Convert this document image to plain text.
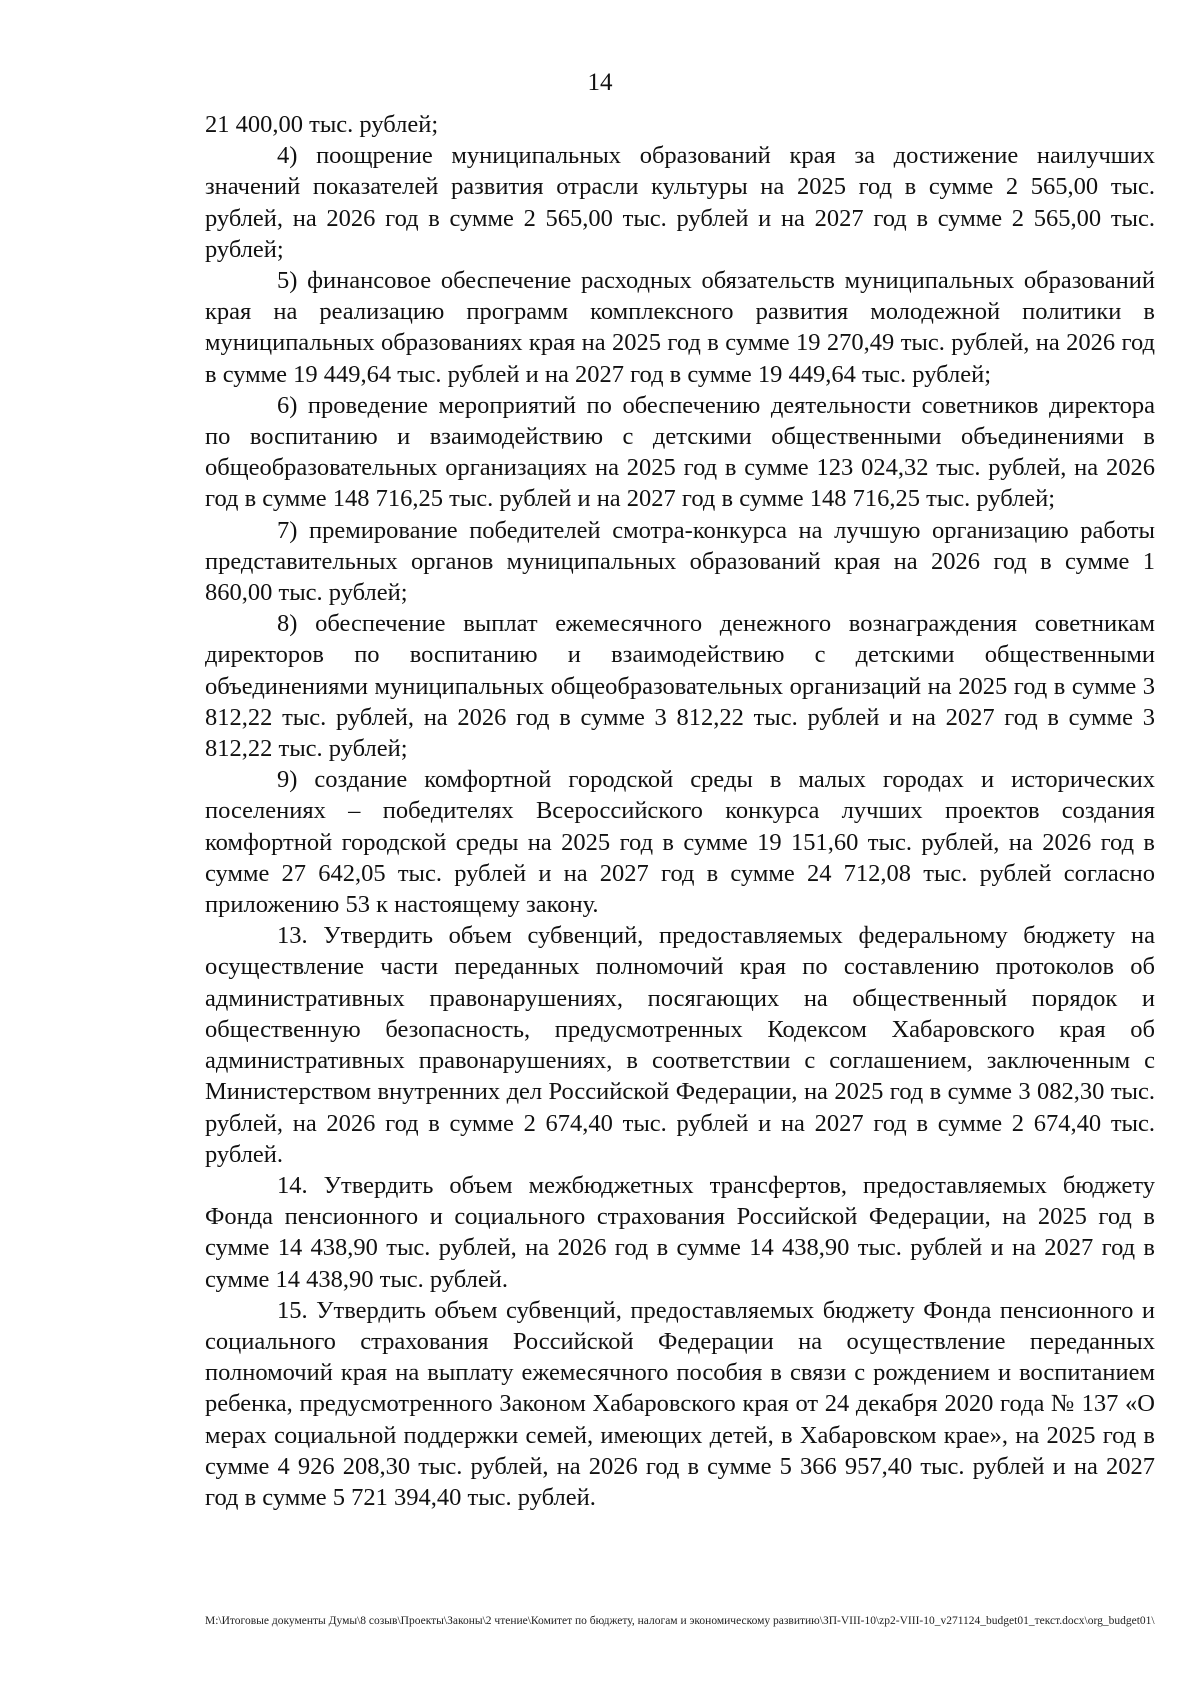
14

21 400,00 тыс. рублей;

4) поощрение муниципальных образований края за достижение наилучших значений показателей развития отрасли культуры на 2025 год в сумме 2 565,00 тыс. рублей, на 2026 год в сумме 2 565,00 тыс. рублей и на 2027 год в сумме 2 565,00 тыс. рублей;

5) финансовое обеспечение расходных обязательств муниципальных образований края на реализацию программ комплексного развития молодежной политики в муниципальных образованиях края на 2025 год в сумме 19 270,49 тыс. рублей, на 2026 год в сумме 19 449,64 тыс. рублей и на 2027 год в сумме 19 449,64 тыс. рублей;

6) проведение мероприятий по обеспечению деятельности советников директора по воспитанию и взаимодействию с детскими общественными объединениями в общеобразовательных организациях на 2025 год в сумме 123 024,32 тыс. рублей, на 2026 год в сумме 148 716,25 тыс. рублей и на 2027 год в сумме 148 716,25 тыс. рублей;

7) премирование победителей смотра-конкурса на лучшую организацию работы представительных органов муниципальных образований края на 2026 год в сумме 1 860,00 тыс. рублей;

8) обеспечение выплат ежемесячного денежного вознаграждения советникам директоров по воспитанию и взаимодействию с детскими общественными объединениями муниципальных общеобразовательных организаций на 2025 год в сумме 3 812,22 тыс. рублей, на 2026 год в сумме 3 812,22 тыс. рублей и на 2027 год в сумме 3 812,22 тыс. рублей;

9) создание комфортной городской среды в малых городах и исторических поселениях – победителях Всероссийского конкурса лучших проектов создания комфортной городской среды на 2025 год в сумме 19 151,60 тыс. рублей, на 2026 год в сумме 27 642,05 тыс. рублей и на 2027 год в сумме 24 712,08 тыс. рублей согласно приложению 53 к настоящему закону.

13. Утвердить объем субвенций, предоставляемых федеральному бюджету на осуществление части переданных полномочий края по составлению протоколов об административных правонарушениях, посягающих на общественный порядок и общественную безопасность, предусмотренных Кодексом Хабаровского края об административных правонарушениях, в соответствии с соглашением, заключенным с Министерством внутренних дел Российской Федерации, на 2025 год в сумме 3 082,30 тыс. рублей, на 2026 год в сумме 2 674,40 тыс. рублей и на 2027 год в сумме 2 674,40 тыс. рублей.

14. Утвердить объем межбюджетных трансфертов, предоставляемых бюджету Фонда пенсионного и социального страхования Российской Федерации, на 2025 год в сумме 14 438,90 тыс. рублей, на 2026 год в сумме 14 438,90 тыс. рублей и на 2027 год в сумме 14 438,90 тыс. рублей.

15. Утвердить объем субвенций, предоставляемых бюджету Фонда пенсионного и социального страхования Российской Федерации на осуществление переданных полномочий края на выплату ежемесячного пособия в связи с рождением и воспитанием ребенка, предусмотренного Законом Хабаровского края от 24 декабря 2020 года № 137 «О мерах социальной поддержки семей, имеющих детей, в Хабаровском крае», на 2025 год в сумме 4 926 208,30 тыс. рублей, на 2026 год в сумме 5 366 957,40 тыс. рублей и на 2027 год в сумме 5 721 394,40 тыс. рублей.

M:\Итоговые документы Думы\8 созыв\Проекты\Законы\2 чтение\Комитет по бюджету, налогам и экономическому развитию\ЗП-VIII-10\zp2-VIII-10_v271124_budget01_текст.docx\org_budget01\
